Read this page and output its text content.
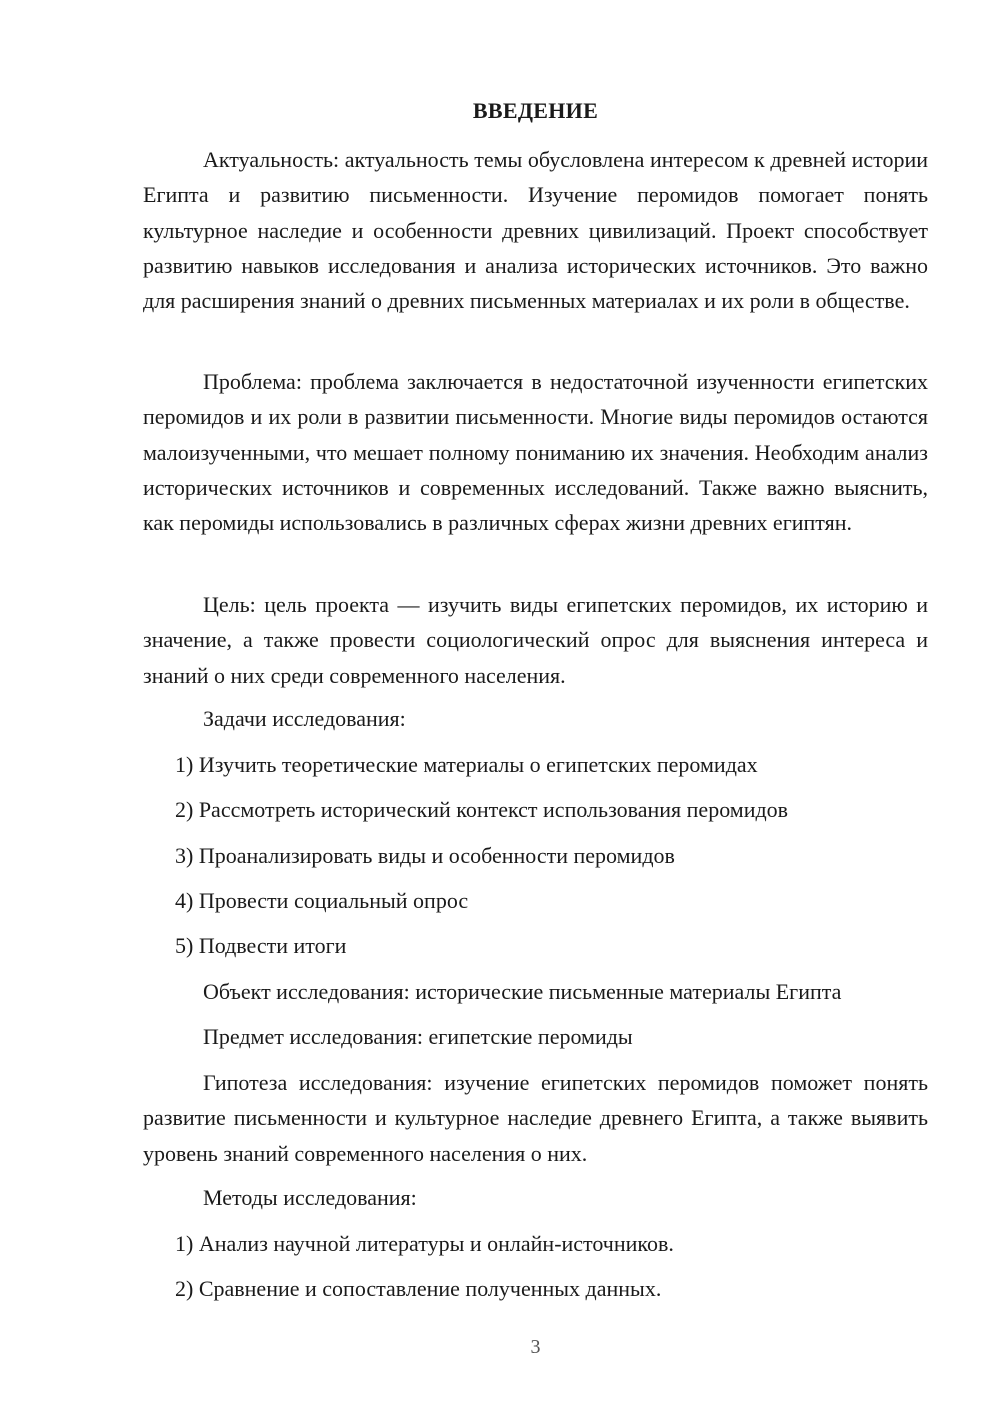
ВВЕДЕНИЕ

Актуальность: актуальность темы обусловлена интересом к древней истории Египта и развитию письменности. Изучение перомидов помогает понять культурное наследие и особенности древних цивилизаций. Проект способствует развитию навыков исследования и анализа исторических источников. Это важно для расширения знаний о древних письменных материалах и их роли в обществе.

Проблема: проблема заключается в недостаточной изученности египетских перомидов и их роли в развитии письменности. Многие виды перомидов остаются малоизученными, что мешает полному пониманию их значения. Необходим анализ исторических источников и современных исследований. Также важно выяснить, как перомиды использовались в различных сферах жизни древних египтян.

Цель: цель проекта — изучить виды египетских перомидов, их историю и значение, а также провести социологический опрос для выяснения интереса и знаний о них среди современного населения.

Задачи исследования:
1) Изучить теоретические материалы о египетских перомидах
2) Рассмотреть исторический контекст использования перомидов
3) Проанализировать виды и особенности перомидов
4) Провести социальный опрос
5) Подвести итоги
Объект исследования: исторические письменные материалы Египта
Предмет исследования: египетские перомиды

Гипотеза исследования: изучение египетских перомидов поможет понять развитие письменности и культурное наследие древнего Египта, а также выявить уровень знаний современного населения о них.

Методы исследования:
1) Анализ научной литературы и онлайн-источников.
2) Сравнение и сопоставление полученных данных.
3
